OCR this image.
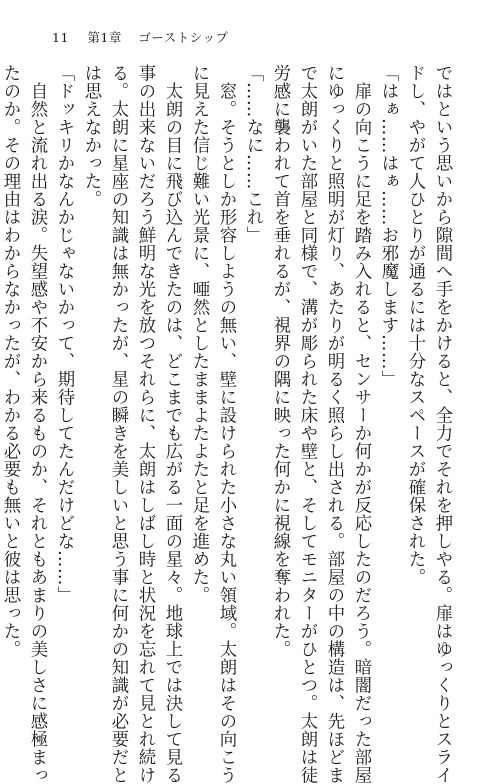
11 第1章 ゴーストシップ

ではという思いから隙間へ手をかけると、全力でそれを押しやる。扉はゆっくりとスライ

ドし、やがて人ひとりが通るには十分なスペースが確保された。

「はぁ……はぁ……お邪魔します……」

　扉の向こうに足を踏み入れると、センサーか何かが反応したのだろう。暗闇だった部屋

にゆっくりと照明が灯り、あたりが明るく照らし出される。部屋の中の構造は、先ほどま

で太朗がいた部屋と同様で、溝が彫られた床や壁と、そしてモニターがひとつ。太朗は徒

労感に襲われて首を垂れるが、視界の隅に映った何かに視線を奪われた。

「……なに……これ」

　窓。そうとしか形容しようの無い、壁に設けられた小さな丸い領域。太朗はその向こう

に見えた信じ難い光景に、唖然としたままよたよたと足を進めた。

　太朗の目に飛び込んできたのは、どこまでも広がる一面の星々。地球上では決して見る

事の出来ないだろう鮮明な光を放つそれらに、太朗はしばし時と状況を忘れて見とれ続け

る。太朗に星座の知識は無かったが、星の瞬きを美しいと思う事に何かの知識が必要だと

は思えなかった。

「ドッキリかなんかじゃないかって、期待してたんだけどな……」

　自然と流れ出る涙。失望感や不安から来るものか、それともあまりの美しさに感極まっ

たのか。その理由はわからなかったが、わかる必要も無いと彼は思った。
